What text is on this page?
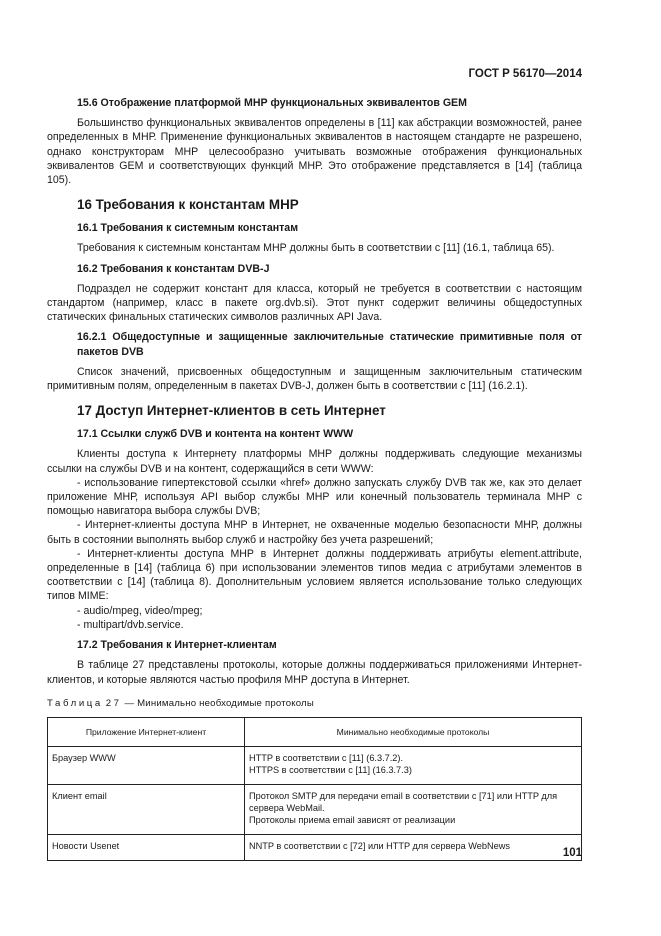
ГОСТ Р 56170—2014
15.6 Отображение платформой МНР функциональных эквивалентов GEM

Большинство функциональных эквивалентов определены в [11] как абстракции возможностей, ранее определенных в МНР. Применение функциональных эквивалентов в настоящем стандарте не разрешено, однако конструкторам МНР целесообразно учитывать возможные отображения функциональных эквивалентов GEM и соответствующих функций МНР. Это отображение представляется в [14] (таблица 105).

16 Требования к константам МНР
16.1 Требования к системным константам

Требования к системным константам МНР должны быть в соответствии с [11] (16.1, таблица 65).

16.2 Требования к константам DVB-J

Подраздел не содержит констант для класса, который не требуется в соответствии с настоящим стандартом (например, класс в пакете org.dvb.si). Этот пункт содержит величины общедоступных статических финальных статических символов различных API Java.

16.2.1 Общедоступные и защищенные заключительные статические примитивные поля от пакетов DVB

Список значений, присвоенных общедоступным и защищенным заключительным статическим примитивным полям, определенным в пакетах DVB-J, должен быть в соответствии с [11] (16.2.1).

17 Доступ Интернет-клиентов в сеть Интернет
17.1 Ссылки служб DVB и контента на контент WWW

Клиенты доступа к Интернету платформы МНР должны поддерживать следующие механизмы ссылки на службы DVB и на контент, содержащийся в сети WWW:

- использование гипертекстовой ссылки «href» должно запускать службу DVB так же, как это делает приложение МНР, используя API выбор службы МНР или конечный пользователь терминала МНР с помощью навигатора выбора службы DVB;

- Интернет-клиенты доступа МНР в Интернет, не охваченные моделью безопасности МНР, должны быть в состоянии выполнять выбор служб и настройку без учета разрешений;

- Интернет-клиенты доступа МНР в Интернет должны поддерживать атрибуты element.attribute, определенные в [14] (таблица 6) при использовании элементов типов медиа с атрибутами элементов в соответствии с [14] (таблица 8). Дополнительным условием является использование только следующих типов MIME:

- audio/mpeg, video/mpeg;

- multipart/dvb.service.

17.2 Требования к Интернет-клиентам

В таблице 27 представлены протоколы, которые должны поддерживаться приложениями Интернет-клиентов, и которые являются частью профиля МНР доступа в Интернет.

Таблица 27 — Минимально необходимые протоколы
Приложение Интернет-клиент	Минимально необходимые протоколы
Браузер WWW	HTTP в соответствии с [11] (6.3.7.2).
HTTPS в соответствии с [11] (16.3.7.3)

Клиент email	Протокол SMTP для передачи email в соответствии с [71] или HTTP для сервера WebMail.
Протоколы приема email зависят от реализации

Новости Usenet	NNTP в соответствии с [72] или HTTP для сервера WebNews
101
